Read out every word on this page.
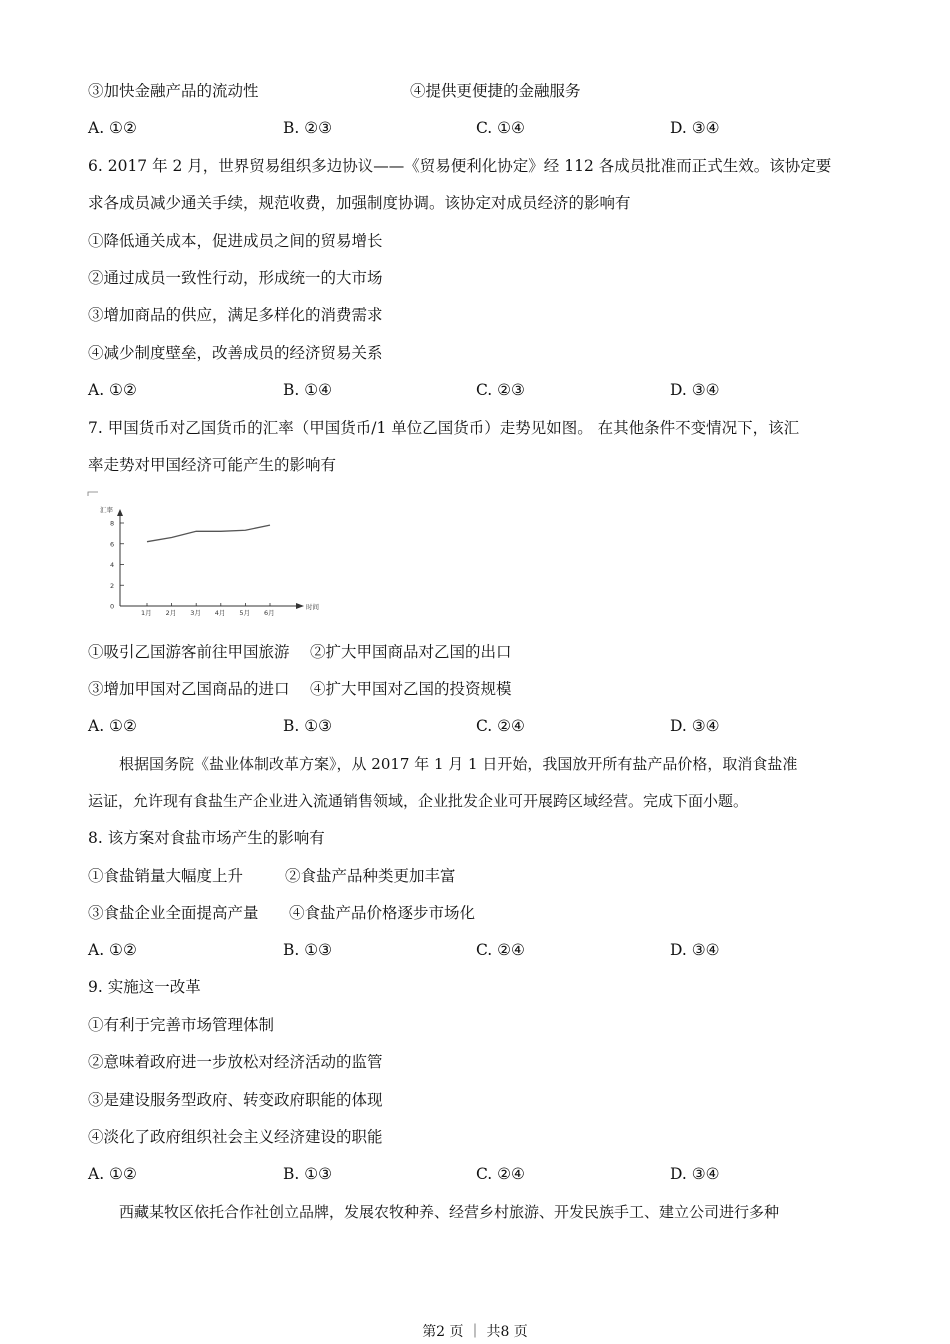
③加快金融产品的流动性	④提供更便捷的金融服务
A. ①②	B. ②③	C. ①④	D. ③④
6. 2017 年 2 月，世界贸易组织多边协议——《贸易便利化协定》经 112 各成员批准而正式生效。该协定要
求各成员减少通关手续，规范收费，加强制度协调。该协定对成员经济的影响有
①降低通关成本，促进成员之间的贸易增长
②通过成员一致性行动，形成统一的大市场
③增加商品的供应，满足多样化的消费需求
④减少制度壁垒，改善成员的经济贸易关系
A. ①②	B. ①④	C. ②③	D. ③④
7. 甲国货币对乙国货币的汇率（甲国货币/1 单位乙国货币）走势见如图。 在其他条件不变情况下，该汇
率走势对甲国经济可能产生的影响有
汇率
时间
0
2
4
6
8
1月 2月 3月 4月 5月 6月
①吸引乙国游客前往甲国旅游 ②扩大甲国商品对乙国的出口
③增加甲国对乙国商品的进口 ④扩大甲国对乙国的投资规模
A. ①②	B. ①③	C. ②④	D. ③④
根据国务院《盐业体制改革方案》，从 2017 年 1 月 1 日开始，我国放开所有盐产品价格，取消食盐准
运证，允许现有食盐生产企业进入流通销售领域，企业批发企业可开展跨区域经营。完成下面小题。
8. 该方案对食盐市场产生的影响有
①食盐销量大幅度上升	②食盐产品种类更加丰富
③食盐企业全面提高产量 ④食盐产品价格逐步市场化
A. ①②	B. ①③	C. ②④	D. ③④
9. 实施这一改革
①有利于完善市场管理体制
②意味着政府进一步放松对经济活动的监管
③是建设服务型政府、转变政府职能的体现
④淡化了政府组织社会主义经济建设的职能
A. ①②	B. ①③	C. ②④	D. ③④
西藏某牧区依托合作社创立品牌，发展农牧种养、经营乡村旅游、开发民族手工、建立公司进行多种
第2 页 ｜ 共8 页
